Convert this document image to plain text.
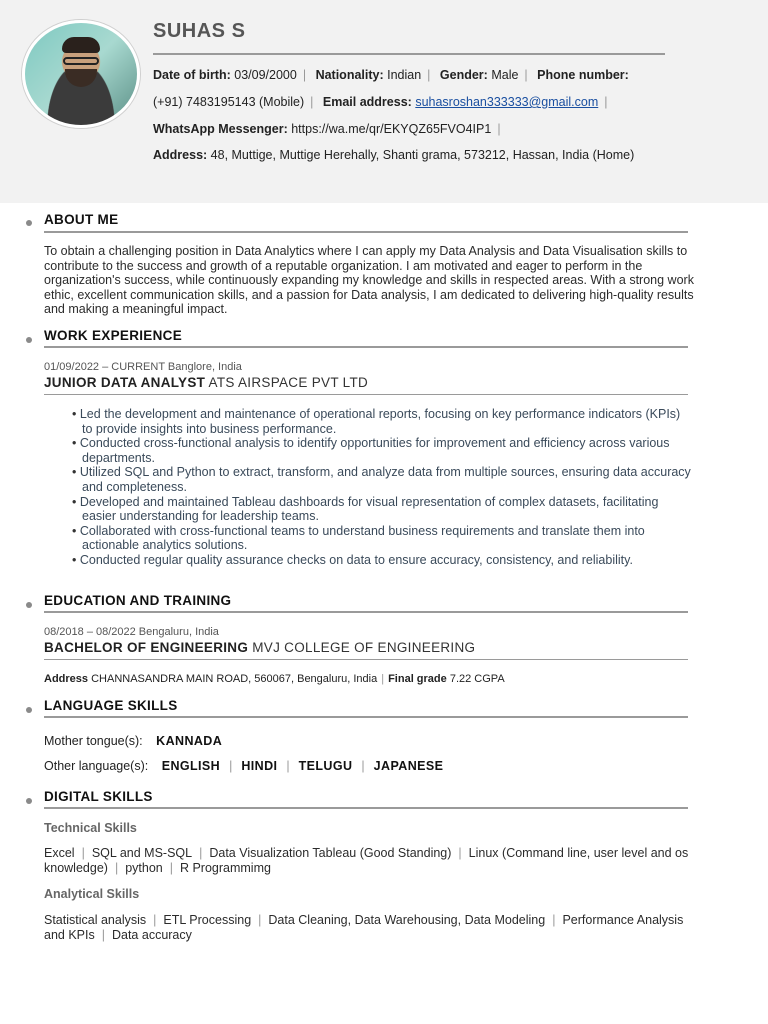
SUHAS S
Date of birth: 03/09/2000 | Nationality: Indian | Gender: Male | Phone number:
(+91) 7483195143 (Mobile) | Email address: suhasroshan333333@gmail.com |
WhatsApp Messenger: https://wa.me/qr/EKYQZ65FVO4IP1 |
Address: 48, Muttige, Muttige Herehally, Shanti grama, 573212, Hassan, India (Home)
ABOUT ME
To obtain a challenging position in Data Analytics where I can apply my Data Analysis and Data Visualisation skills to contribute to the success and growth of a reputable organization. I am motivated and eager to perform in the organization's success, while continuously expanding my knowledge and skills in respected areas. With a strong work ethic, excellent communication skills, and a passion for Data analysis, I am dedicated to delivering high-quality results and making a meaningful impact.
WORK EXPERIENCE
01/09/2022 – CURRENT Banglore, India
JUNIOR DATA ANALYST ATS AIRSPACE PVT LTD
• Led the development and maintenance of operational reports, focusing on key performance indicators (KPIs) to provide insights into business performance.
• Conducted cross-functional analysis to identify opportunities for improvement and efficiency across various departments.
• Utilized SQL and Python to extract, transform, and analyze data from multiple sources, ensuring data accuracy and completeness.
• Developed and maintained Tableau dashboards for visual representation of complex datasets, facilitating easier understanding for leadership teams.
• Collaborated with cross-functional teams to understand business requirements and translate them into actionable analytics solutions.
• Conducted regular quality assurance checks on data to ensure accuracy, consistency, and reliability.
EDUCATION AND TRAINING
08/2018 – 08/2022 Bengaluru, India
BACHELOR OF ENGINEERING MVJ COLLEGE OF ENGINEERING
Address CHANNASANDRA MAIN ROAD, 560067, Bengaluru, India | Final grade 7.22 CGPA
LANGUAGE SKILLS
Mother tongue(s): KANNADA
Other language(s): ENGLISH | HINDI | TELUGU | JAPANESE
DIGITAL SKILLS
Technical Skills
Excel | SQL and MS-SQL | Data Visualization Tableau (Good Standing) | Linux (Command line, user level and os knowledge) | python | R Programmimg
Analytical Skills
Statistical analysis | ETL Processing | Data Cleaning, Data Warehousing, Data Modeling | Performance Analysis and KPIs | Data accuracy
